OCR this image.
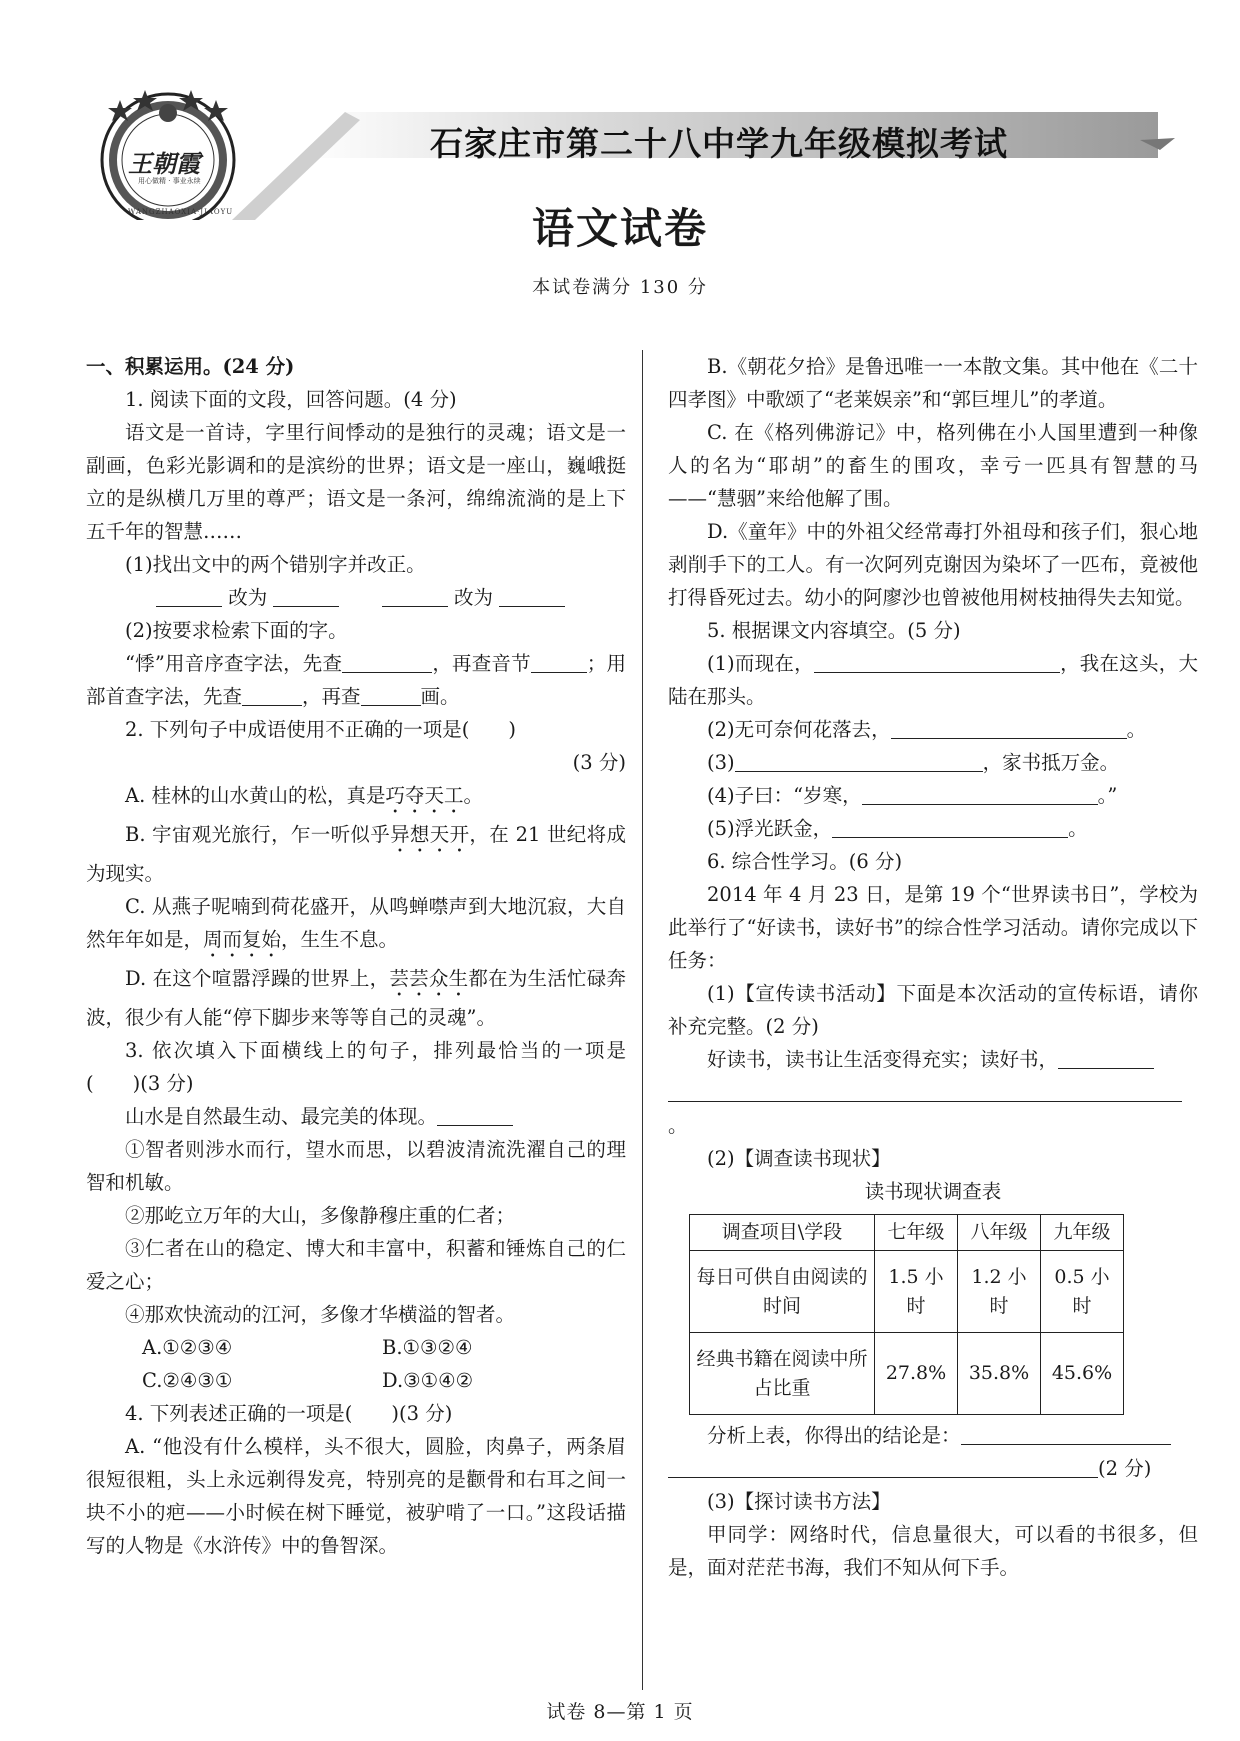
王朝霞
用心做精 · 事业永续
WANGZHAOXIA·JIAOYU
石家庄市第二十八中学九年级模拟考试
语文试卷
本试卷满分 130 分

一、积累运用。(24 分)

1. 阅读下面的文段，回答问题。(4 分)

语文是一首诗，字里行间悸动的是独行的灵魂；语文是一副画，色彩光影调和的是滨纷的世界；语文是一座山，巍峨挺立的是纵横几万里的尊严；语文是一条河，绵绵流淌的是上下五千年的智慧……

(1)找出文中的两个错别字并改正。

改为	改为

(2)按要求检索下面的字。

“悸”用音序查字法，先查	，再查音节	；用部首查字法，先查	，再查	画。

2. 下列句子中成语使用不正确的一项是(　　)

(3 分)

A. 桂林的山水黄山的松，真是巧夺天工。

B. 宇宙观光旅行，乍一听似乎异想天开，在 21 世纪将成为现实。

C. 从燕子呢喃到荷花盛开，从鸣蝉噤声到大地沉寂，大自然年年如是，周而复始，生生不息。

D. 在这个喧嚣浮躁的世界上，芸芸众生都在为生活忙碌奔波，很少有人能“停下脚步来等等自己的灵魂”。

3. 依次填入下面横线上的句子，排列最恰当的一项是(　　)(3 分)

山水是自然最生动、最完美的体现。

①智者则涉水而行，望水而思，以碧波清流洗濯自己的理智和机敏。

②那屹立万年的大山，多像静穆庄重的仁者；

③仁者在山的稳定、博大和丰富中，积蓄和锤炼自己的仁爱之心；

④那欢快流动的江河，多像才华横溢的智者。

A.①②③④	B.①③②④
C.②④③①	D.③①④②

4. 下列表述正确的一项是(　　)(3 分)

A. “他没有什么模样，头不很大，圆脸，肉鼻子，两条眉很短很粗，头上永远剃得发亮，特别亮的是颧骨和右耳之间一块不小的疤——小时候在树下睡觉，被驴啃了一口。”这段话描写的人物是《水浒传》中的鲁智深。

B.《朝花夕拾》是鲁迅唯一一本散文集。其中他在《二十四孝图》中歌颂了“老莱娱亲”和“郭巨埋儿”的孝道。

C. 在《格列佛游记》中，格列佛在小人国里遭到一种像人的名为“耶胡”的畜生的围攻，幸亏一匹具有智慧的马——“慧骃”来给他解了围。

D.《童年》中的外祖父经常毒打外祖母和孩子们，狠心地剥削手下的工人。有一次阿列克谢因为染坏了一匹布，竟被他打得昏死过去。幼小的阿廖沙也曾被他用树枝抽得失去知觉。

5. 根据课文内容填空。(5 分)

(1)而现在，	，我在这头，大陆在那头。

(2)无可奈何花落去，	。

(3)	，家书抵万金。

(4)子曰：“岁寒，	。”

(5)浮光跃金，	。

6. 综合性学习。(6 分)

2014 年 4 月 23 日，是第 19 个“世界读书日”，学校为此举行了“好读书，读好书”的综合性学习活动。请你完成以下任务：

(1)【宣传读书活动】下面是本次活动的宣传标语，请你补充完整。(2 分)

好读书，读书让生活变得充实；读好书，

。

(2)【调查读书现状】

读书现状调查表

调查项目\学段	七年级	八年级	九年级
每日可供自由阅读的时间	1.5 小时	1.2 小时	0.5 小时
经典书籍在阅读中所占比重	27.8%	35.8%	45.6%

分析上表，你得出的结论是：

(2 分)

(3)【探讨读书方法】

甲同学：网络时代，信息量很大，可以看的书很多，但是，面对茫茫书海，我们不知从何下手。

试卷 8—第 1 页
